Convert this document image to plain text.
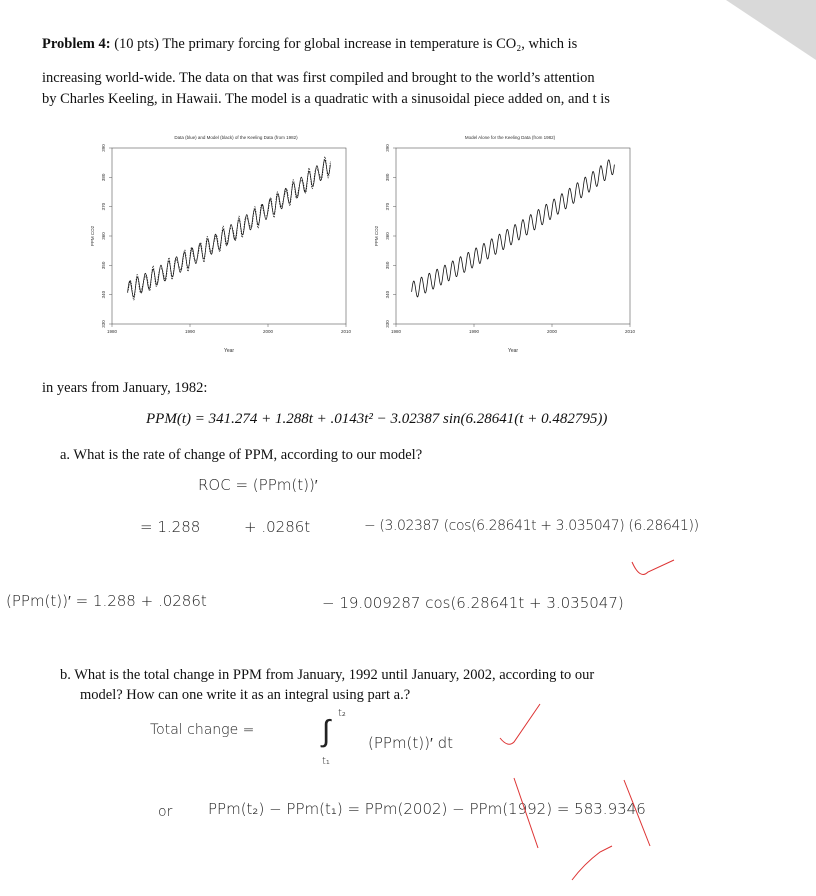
Problem 4: (10 pts) The primary forcing for global increase in temperature is CO₂, which is
increasing world-wide. The data on that was first compiled and brought to the world’s attention
by Charles Keeling, in Hawaii. The model is a quadratic with a sinusoidal piece added on, and t is
Data (blue) and Model (black) of the Keeling Data (from 1982)
1980	1990	2000	2010
330
340
350
360
370
380
390
Year
PPM CO2
Model Alone for the Keeling Data (from 1982)
1980	1990	2000	2010
330
340
350
360
370
380
390
Year
PPM CO2
in years from January, 1982:
PPM(t) = 341.274 + 1.288t + .0143t² − 3.02387 sin(6.28641(t + 0.482795))
a. What is the rate of change of PPM, according to our model?
ROC = (PPm(t))′
= 1.288	+ .0286t	− (3.02387 (cos(6.28641t + 3.035047) (6.28641))
(PPm(t))′ = 1.288 + .0286t	− 19.009287 cos(6.28641t + 3.035047)
b. What is the total change in PPM from January, 1992 until January, 2002, according to our
model? How can one write it as an integral using part a.?
Total change = ∫
t₂
t₁
(PPm(t))′ dt
or PPm(t₂) − PPm(t₁) = PPm(2002) − PPm(1992) = 583.9346
